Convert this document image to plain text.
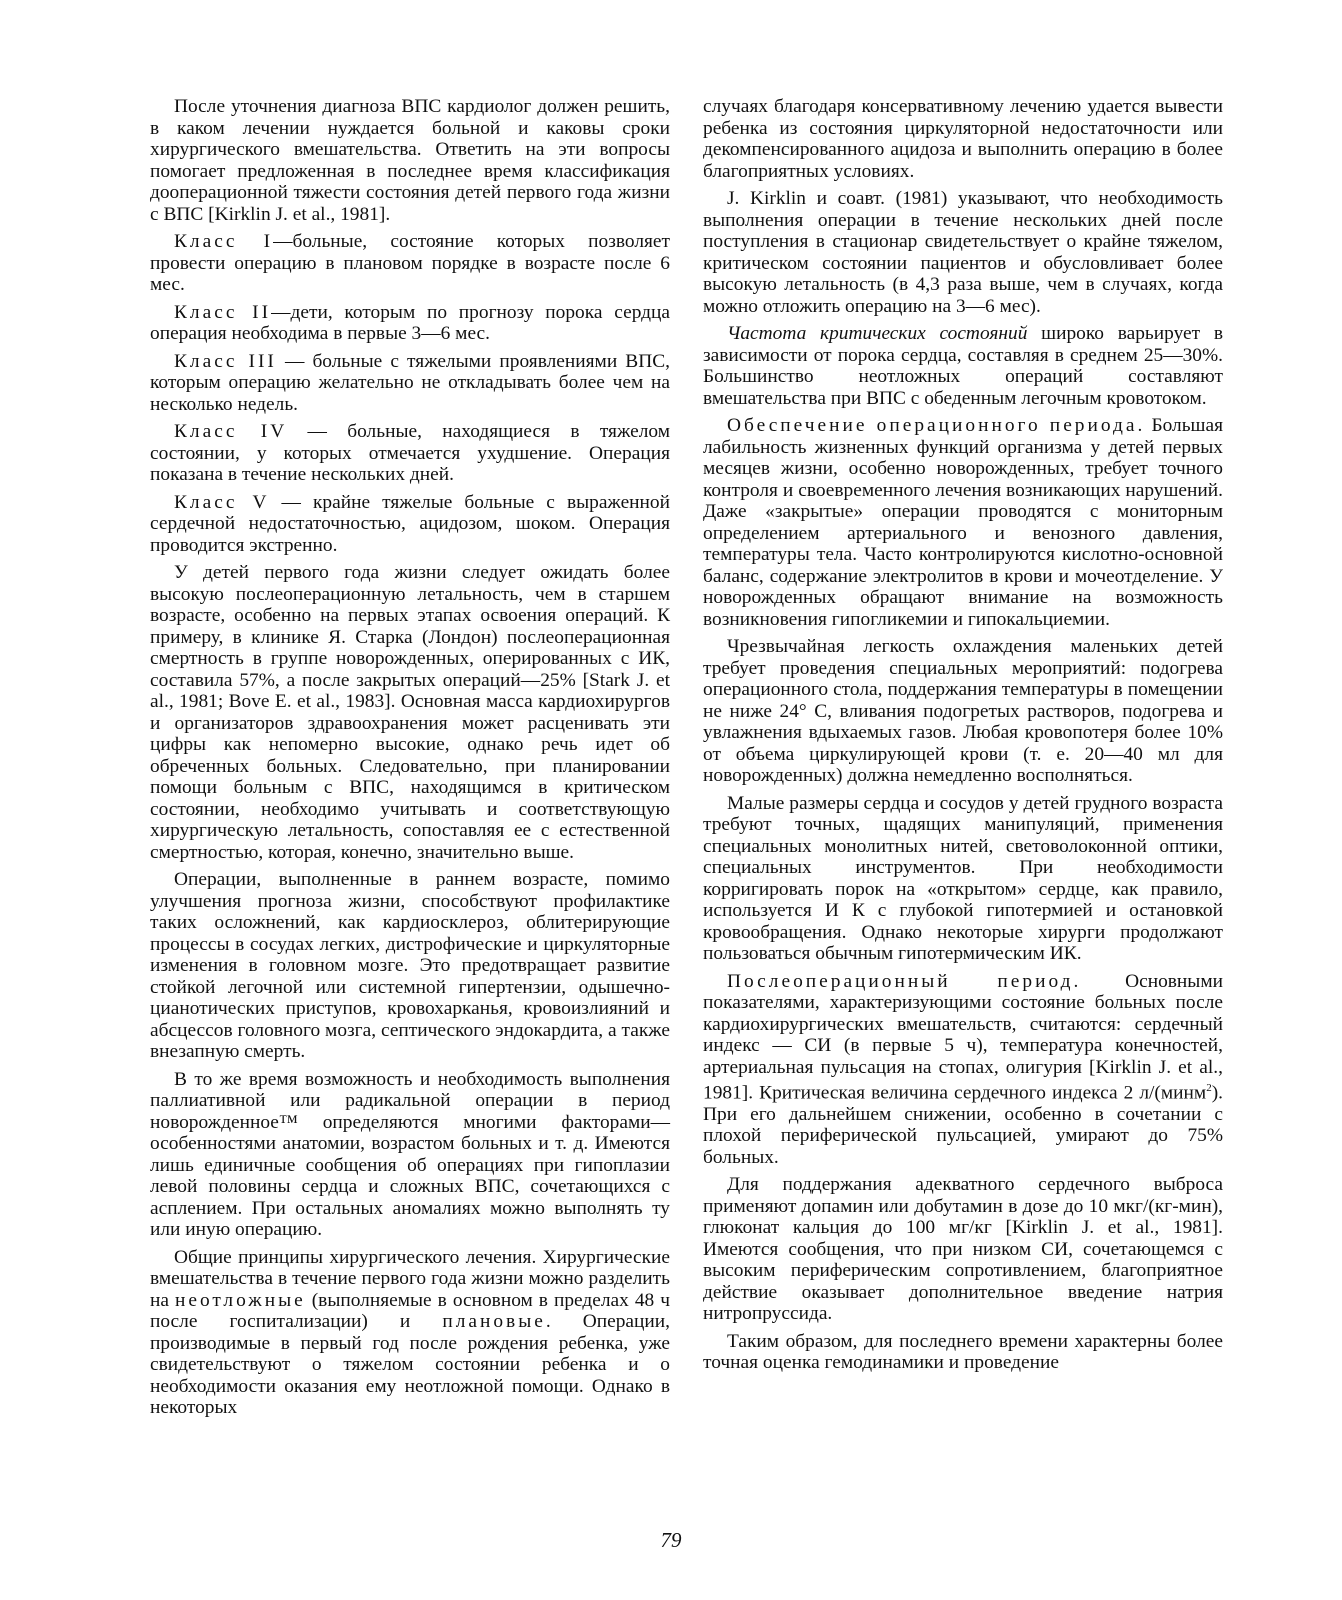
После уточнения диагноза ВПС кардиолог должен решить, в каком лечении нуждается больной и каковы сроки хирургического вмешательства. Ответить на эти вопросы помогает предложенная в последнее время классификация дооперационной тяжести состояния детей первого года жизни с ВПС [Kirklin J. et al., 1981].

Класс I—больные, состояние которых позволяет провести операцию в плановом порядке в возрасте после 6 мес.

Класс II—дети, которым по прогнозу порока сердца операция необходима в первые 3—6 мес.

Класс III — больные с тяжелыми проявлениями ВПС, которым операцию желательно не откладывать более чем на несколько недель.

Класс IV — больные, находящиеся в тяжелом состоянии, у которых отмечается ухудшение. Операция показана в течение нескольких дней.

Класс V — крайне тяжелые больные с выраженной сердечной недостаточностью, ацидозом, шоком. Операция проводится экстренно.

У детей первого года жизни следует ожидать более высокую послеоперационную летальность, чем в старшем возрасте, особенно на первых этапах освоения операций. К примеру, в клинике Я. Старка (Лондон) послеоперационная смертность в группе новорожденных, оперированных с ИК, составила 57%, а после закрытых операций—25% [Stark J. et al., 1981; Bove E. et al., 1983]. Основная масса кардиохирургов и организаторов здравоохранения может расценивать эти цифры как непомерно высокие, однако речь идет об обреченных больных. Следовательно, при планировании помощи больным с ВПС, находящимся в критическом состоянии, необходимо учитывать и соответствующую хирургическую летальность, сопоставляя ее с естественной смертностью, которая, конечно, значительно выше.

Операции, выполненные в раннем возрасте, помимо улучшения прогноза жизни, способствуют профилактике таких осложнений, как кардиосклероз, облитерирующие процессы в сосудах легких, дистрофические и циркуляторные изменения в головном мозге. Это предотвращает развитие стойкой легочной или системной гипертензии, одышечно-цианотических приступов, кровохарканья, кровоизлияний и абсцессов головного мозга, септического эндокардита, а также внезапную смерть.

В то же время возможность и необходимость выполнения паллиативной или радикальной операции в период новорожденное™ определяются многими факторами— особенностями анатомии, возрастом больных и т. д. Имеются лишь единичные сообщения об операциях при гипоплазии левой половины сердца и сложных ВПС, сочетающихся с асплением. При остальных аномалиях можно выполнять ту или иную операцию.

Общие принципы хирургического лечения. Хирургические вмешательства в течение первого года жизни можно разделить на неотложные (выполняемые в основном в пределах 48 ч после госпитализации) и плановые. Операции, производимые в первый год после рождения ребенка, уже свидетельствуют о тяжелом состоянии ребенка и о необходимости оказания ему неотложной помощи. Однако в некоторых

случаях благодаря консервативному лечению удается вывести ребенка из состояния циркуляторной недостаточности или декомпенсированного ацидоза и выполнить операцию в более благоприятных условиях.

J. Kirklin и соавт. (1981) указывают, что необходимость выполнения операции в течение нескольких дней после поступления в стационар свидетельствует о крайне тяжелом, критическом состоянии пациентов и обусловливает более высокую летальность (в 4,3 раза выше, чем в случаях, когда можно отложить операцию на 3—6 мес).

Частота критических состояний широко варьирует в зависимости от порока сердца, составляя в среднем 25—30%. Большинство неотложных операций составляют вмешательства при ВПС с обеденным легочным кровотоком.

Обеспечение операционного периода. Большая лабильность жизненных функций организма у детей первых месяцев жизни, особенно новорожденных, требует точного контроля и своевременного лечения возникающих нарушений. Даже «закрытые» операции проводятся с мониторным определением артериального и венозного давления, температуры тела. Часто контролируются кислотно-основной баланс, содержание электролитов в крови и мочеотделение. У новорожденных обращают внимание на возможность возникновения гипогликемии и гипокальциемии.

Чрезвычайная легкость охлаждения маленьких детей требует проведения специальных мероприятий: подогрева операционного стола, поддержания температуры в помещении не ниже 24° С, вливания подогретых растворов, подогрева и увлажнения вдыхаемых газов. Любая кровопотеря более 10% от объема циркулирующей крови (т. е. 20—40 мл для новорожденных) должна немедленно восполняться.

Малые размеры сердца и сосудов у детей грудного возраста требуют точных, щадящих манипуляций, применения специальных монолитных нитей, световолоконной оптики, специальных инструментов. При необходимости корригировать порок на «открытом» сердце, как правило, используется И К с глубокой гипотермией и остановкой кровообращения. Однако некоторые хирурги продолжают пользоваться обычным гипотермическим ИК.

Послеоперационный период. Основными показателями, характеризующими состояние больных после кардиохирургических вмешательств, считаются: сердечный индекс — СИ (в первые 5 ч), температура конечностей, артериальная пульсация на стопах, олигурия [Kirklin J. et al., 1981]. Критическая величина сердечного индекса 2 л/(минм$^2$). При его дальнейшем снижении, особенно в сочетании с плохой периферической пульсацией, умирают до 75% больных.

Для поддержания адекватного сердечного выброса применяют допамин или добутамин в дозе до 10 мкг/(кг-мин), глюконат кальция до 100 мг/кг [Kirklin J. et al., 1981]. Имеются сообщения, что при низком СИ, сочетающемся с высоким периферическим сопротивлением, благоприятное действие оказывает дополнительное введение натрия нитропруссида.

Таким образом, для последнего времени характерны более точная оценка гемодинамики и проведение

79
